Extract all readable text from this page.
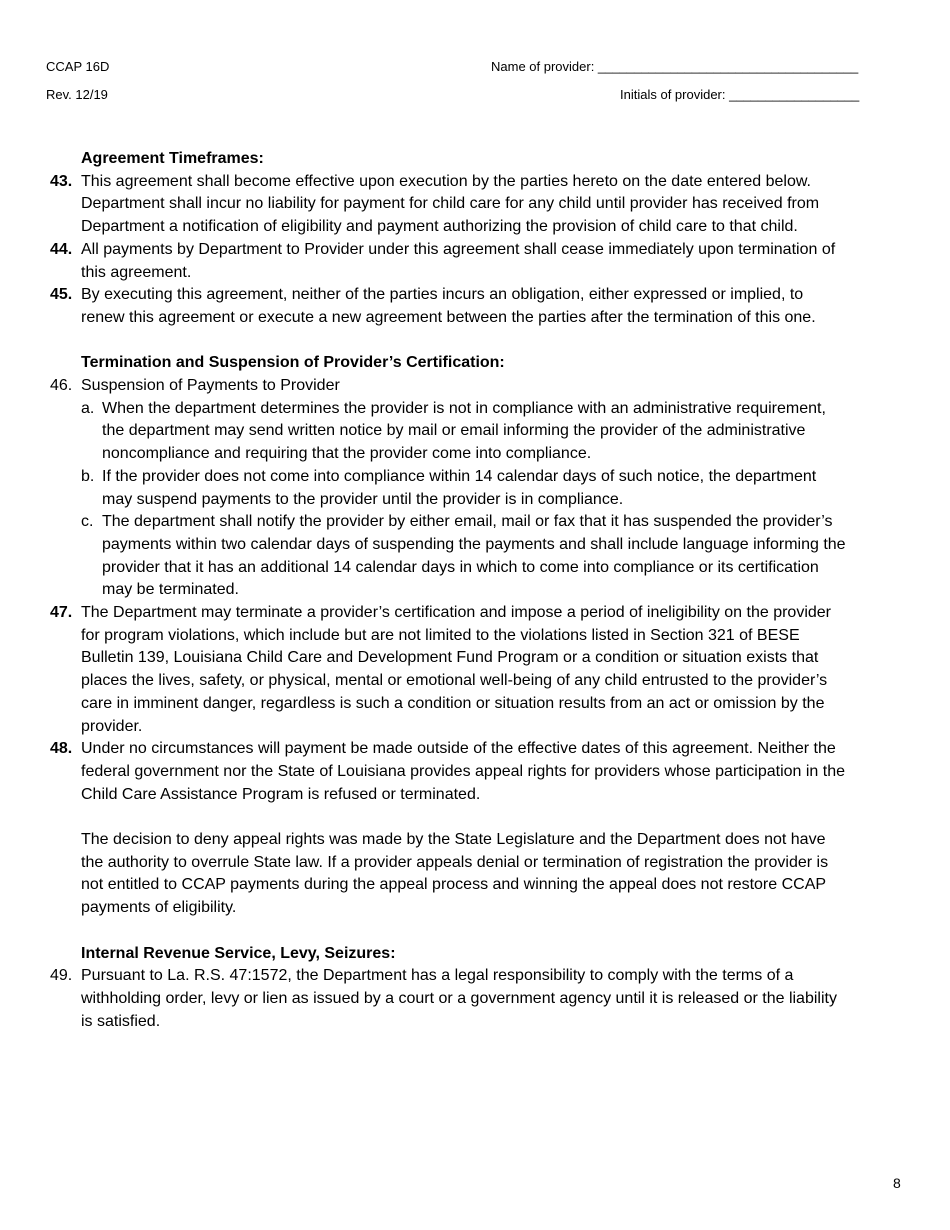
CCAP 16D
Rev. 12/19
Name of provider: ____________________________________
Initials of provider: __________________
Agreement Timeframes:
43. This agreement shall become effective upon execution by the parties hereto on the date entered below. Department shall incur no liability for payment for child care for any child until provider has received from Department a notification of eligibility and payment authorizing the provision of child care to that child.
44. All payments by Department to Provider under this agreement shall cease immediately upon termination of this agreement.
45. By executing this agreement, neither of the parties incurs an obligation, either expressed or implied, to renew this agreement or execute a new agreement between the parties after the termination of this one.
Termination and Suspension of Provider’s Certification:
46. Suspension of Payments to Provider
a. When the department determines the provider is not in compliance with an administrative requirement, the department may send written notice by mail or email informing the provider of the administrative noncompliance and requiring that the provider come into compliance.
b. If the provider does not come into compliance within 14 calendar days of such notice, the department may suspend payments to the provider until the provider is in compliance.
c. The department shall notify the provider by either email, mail or fax that it has suspended the provider’s payments within two calendar days of suspending the payments and shall include language informing the provider that it has an additional 14 calendar days in which to come into compliance or its certification may be terminated.
47. The Department may terminate a provider’s certification and impose a period of ineligibility on the provider for program violations, which include but are not limited to the violations listed in Section 321 of BESE Bulletin 139, Louisiana Child Care and Development Fund Program or a condition or situation exists that places the lives, safety, or physical, mental or emotional well-being of any child entrusted to the provider’s care in imminent danger, regardless is such a condition or situation results from an act or omission by the provider.
48. Under no circumstances will payment be made outside of the effective dates of this agreement. Neither the federal government nor the State of Louisiana provides appeal rights for providers whose participation in the Child Care Assistance Program is refused or terminated.
The decision to deny appeal rights was made by the State Legislature and the Department does not have the authority to overrule State law. If a provider appeals denial or termination of registration the provider is not entitled to CCAP payments during the appeal process and winning the appeal does not restore CCAP payments of eligibility.
Internal Revenue Service, Levy, Seizures:
49. Pursuant to La. R.S. 47:1572, the Department has a legal responsibility to comply with the terms of a withholding order, levy or lien as issued by a court or a government agency until it is released or the liability is satisfied.
8
